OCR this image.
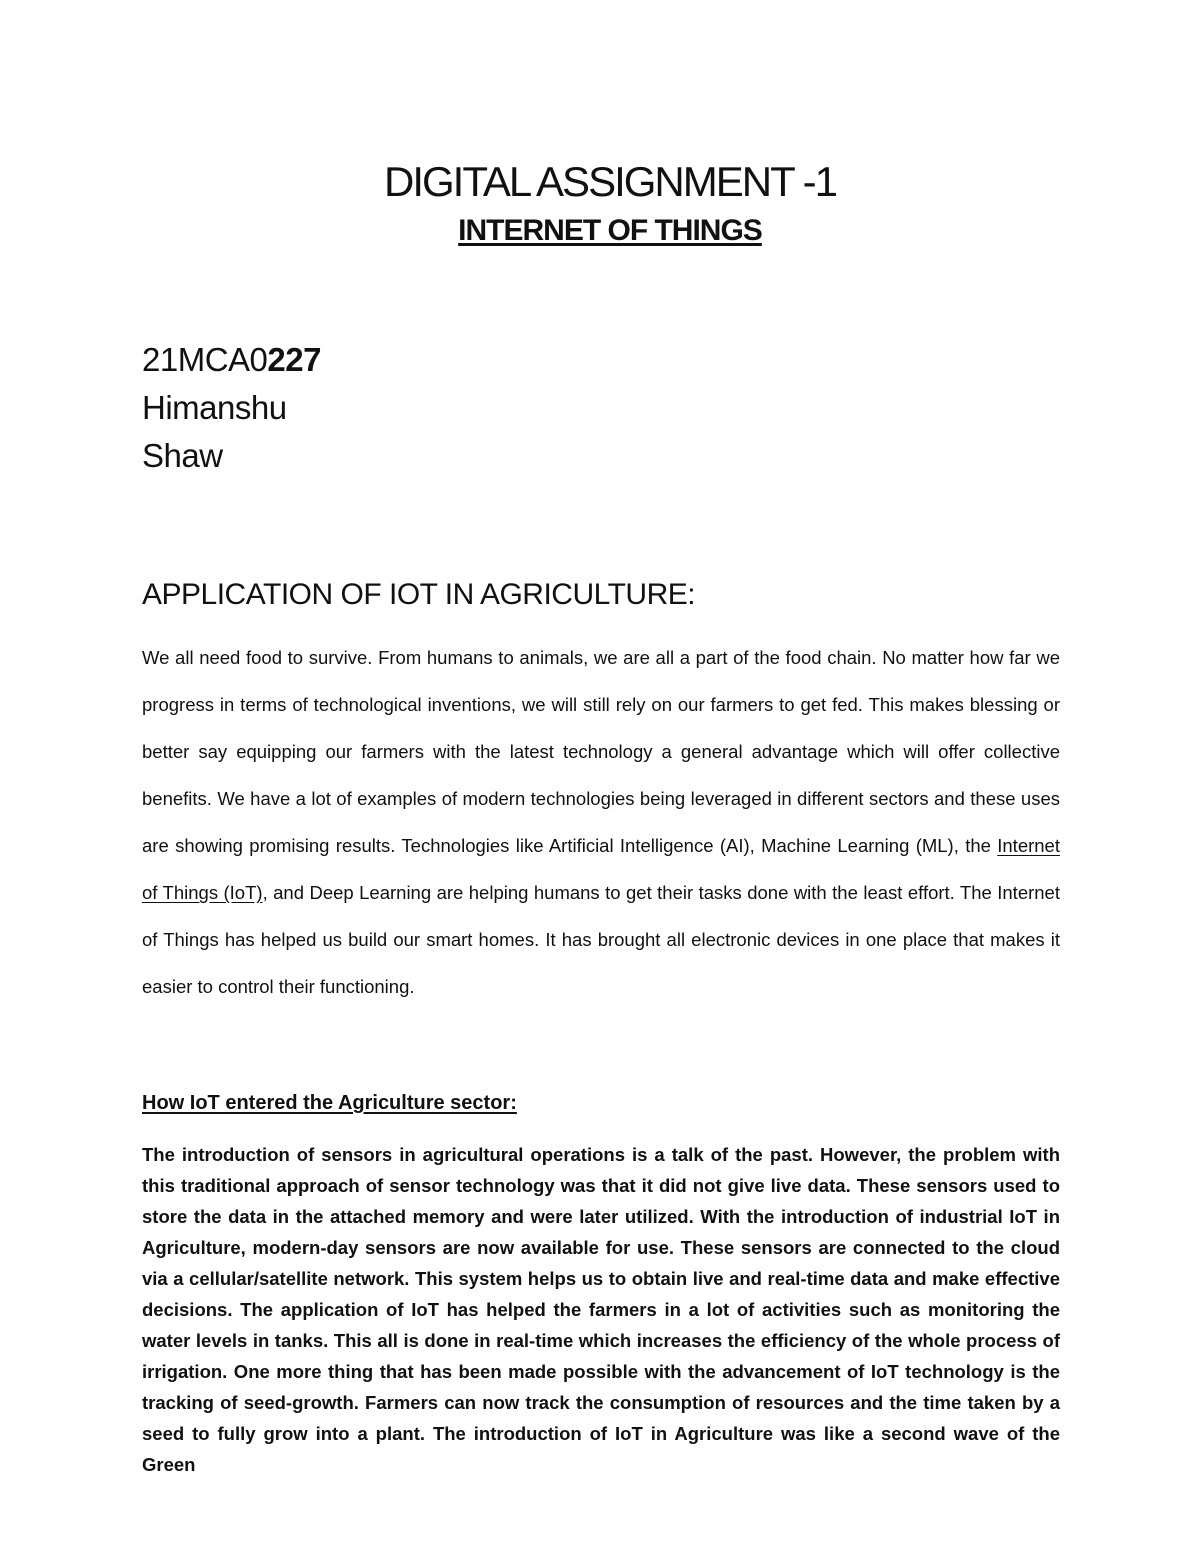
DIGITAL ASSIGNMENT -1
INTERNET OF THINGS
21MCA0227
Himanshu
Shaw
APPLICATION OF IOT IN AGRICULTURE:

We all need food to survive. From humans to animals, we are all a part of the food chain. No matter how far we progress in terms of technological inventions, we will still rely on our farmers to get fed. This makes blessing or better say equipping our farmers with the latest technology a general advantage which will offer collective benefits. We have a lot of examples of modern technologies being leveraged in different sectors and these uses are showing promising results. Technologies like Artificial Intelligence (AI), Machine Learning (ML), the Internet of Things (IoT), and Deep Learning are helping humans to get their tasks done with the least effort. The Internet of Things has helped us build our smart homes. It has brought all electronic devices in one place that makes it easier to control their functioning.

How IoT entered the Agriculture sector:

The introduction of sensors in agricultural operations is a talk of the past. However, the problem with this traditional approach of sensor technology was that it did not give live data. These sensors used to store the data in the attached memory and were later utilized. With the introduction of industrial IoT in Agriculture, modern-day sensors are now available for use. These sensors are connected to the cloud via a cellular/satellite network. This system helps us to obtain live and real-time data and make effective decisions. The application of IoT has helped the farmers in a lot of activities such as monitoring the water levels in tanks. This all is done in real-time which increases the efficiency of the whole process of irrigation. One more thing that has been made possible with the advancement of IoT technology is the tracking of seed-growth. Farmers can now track the consumption of resources and the time taken by a seed to fully grow into a plant. The introduction of IoT in Agriculture was like a second wave of the Green
